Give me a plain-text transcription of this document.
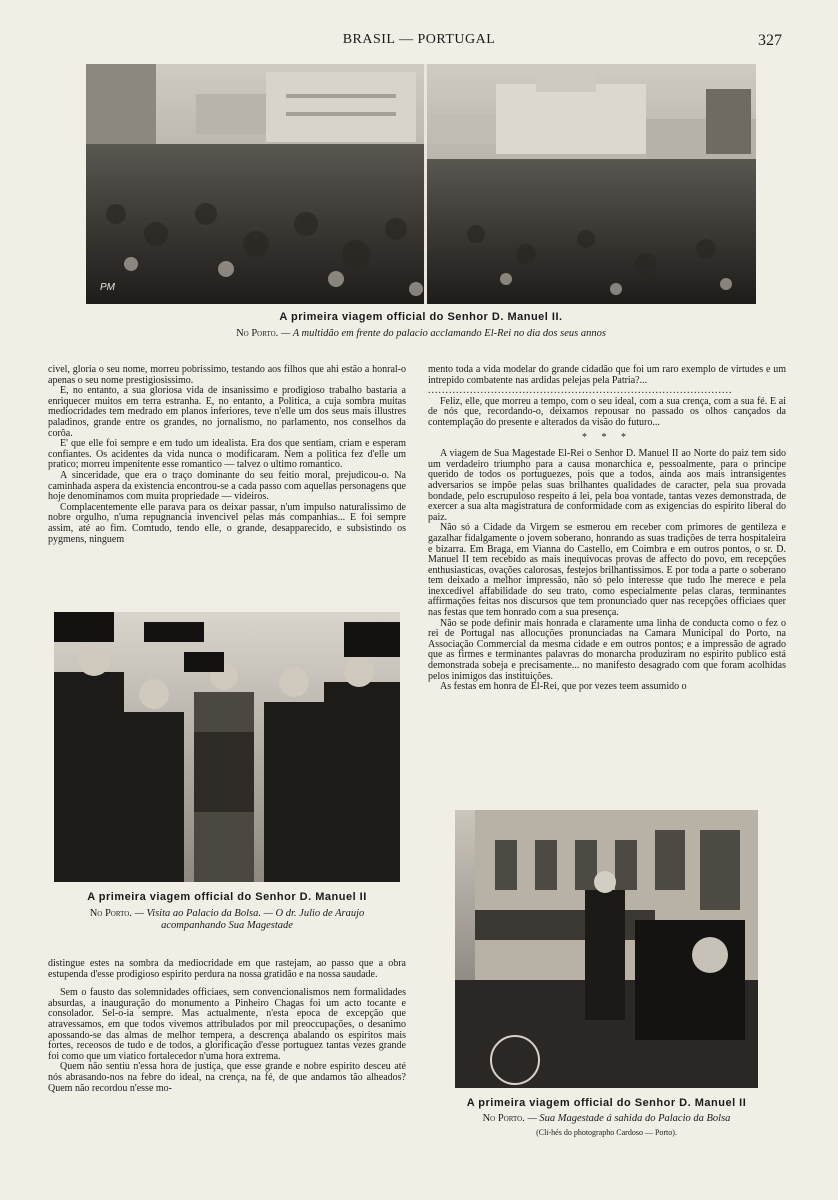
BRASIL — PORTUGAL	327
PM
A primeira viagem official do Senhor D. Manuel II.
No Porto. — A multidão em frente do palacio acclamando El-Rei no dia dos seus annos

civel, gloria o seu nome, morreu pobrissimo, testando aos filhos que ahi estão a honral-o apenas o seu nome prestigiosissimo.

E, no entanto, a sua gloriosa vida de insanissimo e prodigioso trabalho bastaria a enriquecer muitos em terra estranha. E, no entanto, a Politica, a cuja sombra muitas mediocridades tem medrado em planos inferiores, teve n'elle um dos seus mais illustres paladinos, grande entre os grandes, no jornalismo, no parlamento, nos conselhos da corôa.

E' que elle foi sempre e em tudo um idealista. Era dos que sentiam, criam e esperam confiantes. Os acidentes da vida nunca o modificaram. Nem a politica fez d'elle um pratico; morreu impenitente esse romantico — talvez o ultimo romantico.

A sinceridade, que era o traço dominante do seu feitio moral, prejudicou-o. Na caminhada aspera da existencia encontrou-se a cada passo com aquellas personagens que hoje denominamos com muita propriedade — videiros.

Complacentemente elle parava para os deixar passar, n'um impulso naturalissimo de nobre orgulho, n'uma repugnancia invencivel pelas más companhias... E foi sempre assim, até ao fim. Comtudo, tendo elle, o grande, desapparecido, e subsistindo os pygmens, ninguem

A primeira viagem official do Senhor D. Manuel II
No Porto. — Visita ao Palacio da Bolsa. — O dr. Julio de Araujo
acompanhando Sua Magestade

distingue estes na sombra da mediocridade em que rastejam, ao passo que a obra estupenda d'esse prodigioso espirito perdura na nossa gratidão e na nossa saudade.

Sem o fausto das solemnidades officiaes, sem convencionalismos nem formalidades absurdas, a inauguração do monumento a Pinheiro Chagas foi um acto tocante e consolador. Sel-o-ia sempre. Mas actualmente, n'esta epoca de excepção que atravessamos, em que todos vivemos attribulados por mil preoccupações, o desanimo apossando-se das almas de melhor tempera, a descrença abalando os espiritos mais fortes, receosos de tudo e de todos, a glorificação d'esse portuguez tantas vezes grande foi como que um viatico fortalecedor n'uma hora extrema.

Quem não sentiu n'essa hora de justiça, que esse grande e nobre espirito desceu até nós abrasando-nos na febre do ideal, na crença, na fé, de que andamos tão alheados? Quem não recordou n'esse mo-

mento toda a vida modelar do grande cidadão que foi um raro exemplo de virtudes e um intrepido combatente nas ardidas pelejas pela Patria?...

.......................................................................................

Feliz, elle, que morreu a tempo, com o seu ideal, com a sua crença, com a sua fé. E ai de nós que, recordando-o, deixamos repousar no passado os olhos cançados da contemplação do presente e alterados da visão do futuro...

* * *

A viagem de Sua Magestade El-Rei o Senhor D. Manuel II ao Norte do paiz tem sido um verdadeiro triumpho para a causa monarchica e, pessoalmente, para o principe querido de todos os portuguezes, pois que a todos, ainda aos mais intransigentes adversarios se impõe pelas suas brilhantes qualidades de caracter, pela sua provada bondade, pelo escrupuloso respeito á lei, pela boa vontade, tantas vezes demonstrada, de exercer a sua alta magistratura de conformidade com as exigencias do espirito liberal do paiz.

Não só a Cidade da Virgem se esmerou em receber com primores de gentileza e gazalhar fidalgamente o jovem soberano, honrando as suas tradições de terra hospitaleira e bizarra. Em Braga, em Vianna do Castello, em Coimbra e em outros pontos, o sr. D. Manuel II tem recebido as mais inequivocas provas de affecto do povo, em recepções enthusiasticas, ovações calorosas, festejos brilhantissimos. E por toda a parte o soberano tem deixado a melhor impressão, não só pelo interesse que tudo lhe merece e pela inexcedivel affabilidade do seu trato, como especialmente pelas claras, terminantes affirmações feitas nos discursos que tem pronunciado quer nas recepções officiaes quer nas festas que tem honrado com a sua presença.

Não se pode definir mais honrada e claramente uma linha de conducta como o fez o rei de Portugal nas allocuções pronunciadas na Camara Municipal do Porto, na Associação Commercial da mesma cidade e em outros pontos; e a impressão de agrado que as firmes e terminantes palavras do monarcha produziram no espirito publico está demonstrada sobeja e precisamente... no manifesto desagrado com que foram acolhidas pelos inimigos das instituições.

As festas em honra de El-Rei, que por vezes teem assumido o

A primeira viagem official do Senhor D. Manuel II
No Porto. — Sua Magestade á sahida do Palacio da Bolsa
(Cli-hés do photographo Cardoso — Porto).
